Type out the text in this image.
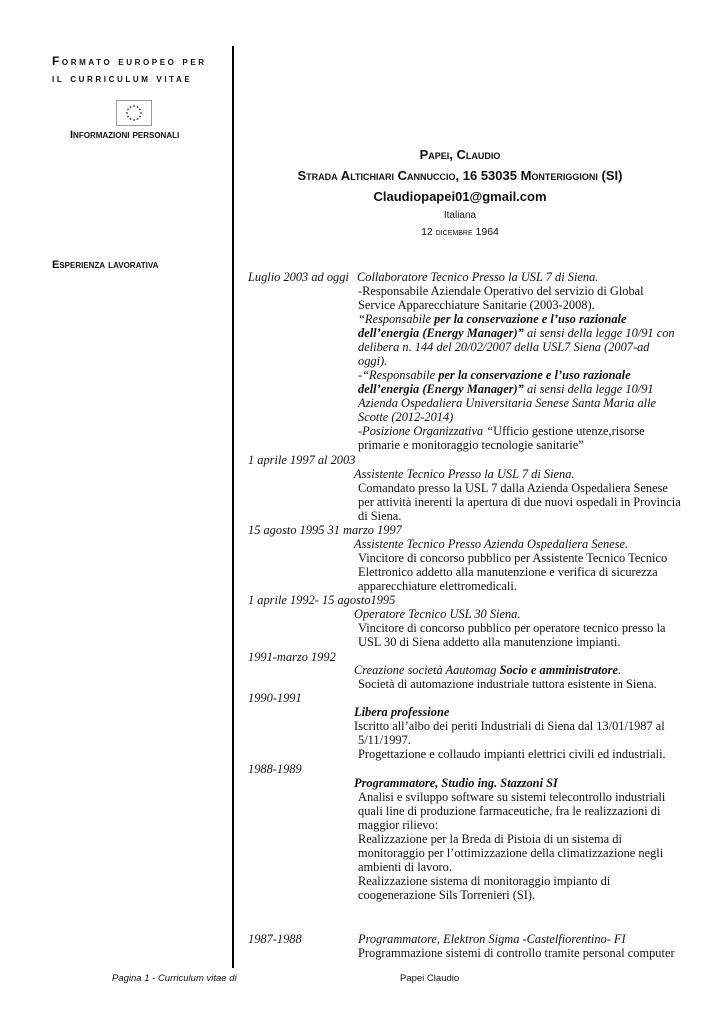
Formato europeo per
il curriculum vitae
Informazioni personali
Esperienza lavorativa
Papei, Claudio
Strada Altichiari Cannuccio, 16 53035 Monteriggioni (SI)
Claudiopapei01@gmail.com
Italiana
12 dicembre 1964
Luglio 2003 ad oggi
1 aprile 1997 al 2003
15 agosto 1995 31 marzo 1997
1 aprile 1992- 15 agosto1995
1991-marzo 1992
1990-1991
1988-1989
1987-1988
Collaboratore Tecnico Presso la USL 7 di Siena.
-Responsabile Aziendale Operativo del servizio di Global
Service Apparecchiature Sanitarie (2003-2008).
“Responsabile per la conservazione e l’uso razionale
dell’energia (Energy Manager)” ai sensi della legge 10/91 con
delibera n. 144 del 20/02/2007 della USL7 Siena (2007-ad
oggi).
-“Responsabile per la conservazione e l’uso razionale
dell’energia (Energy Manager)” ai sensi della legge 10/91
Azienda Ospedaliera Universitaria Senese Santa Maria alle
Scotte (2012-2014)
-Posizione Organizzativa “Ufficio gestione utenze,risorse
primarie e monitoraggio tecnologie sanitarie”
Assistente Tecnico Presso la USL 7 di Siena.
Comandato presso la USL 7 dalla Azienda Ospedaliera Senese
per attività inerenti la apertura di due nuovi ospedali in Provincia
di Siena.
Assistente Tecnico Presso Azienda Ospedaliera Senese.
Vincitore di concorso pubblico per Assistente Tecnico Tecnico
Elettronico addetto alla manutenzione e verifica di sicurezza
apparecchiature elettromedicali.
Operatore Tecnico USL 30 Siena.
Vincitore di concorso pubblico per operatore tecnico presso la
USL 30 di Siena addetto alla manutenzione impianti.
Creazione società Aautomag Socio e amministratore.
Società di automazione industriale tuttora esistente in Siena.
Libera professione
Iscritto all’albo dei periti Industriali di Siena dal 13/01/1987 al
5/11/1997.
Progettazione e collaudo impianti elettrici civili ed industriali.
Programmatore, Studio ing. Stazzoni SI
Analisi e sviluppo software su sistemi telecontrollo industriali
quali line di produzione farmaceutiche, fra le realizzazioni di
maggior rilievo:
Realizzazione per la Breda di Pistoia di un sistema di
monitoraggio per l’ottimizzazione della climatizzazione negli
ambienti di lavoro.
Realizzazione sistema di monitoraggio impianto di
coogenerazione Sils Torrenieri (SI).
Programmatore, Elektron Sigma -Castelfiorentino- FI
Programmazione sistemi di controllo tramite personal computer
Pagina 1 - Curriculum vitae di	Papei Claudio
